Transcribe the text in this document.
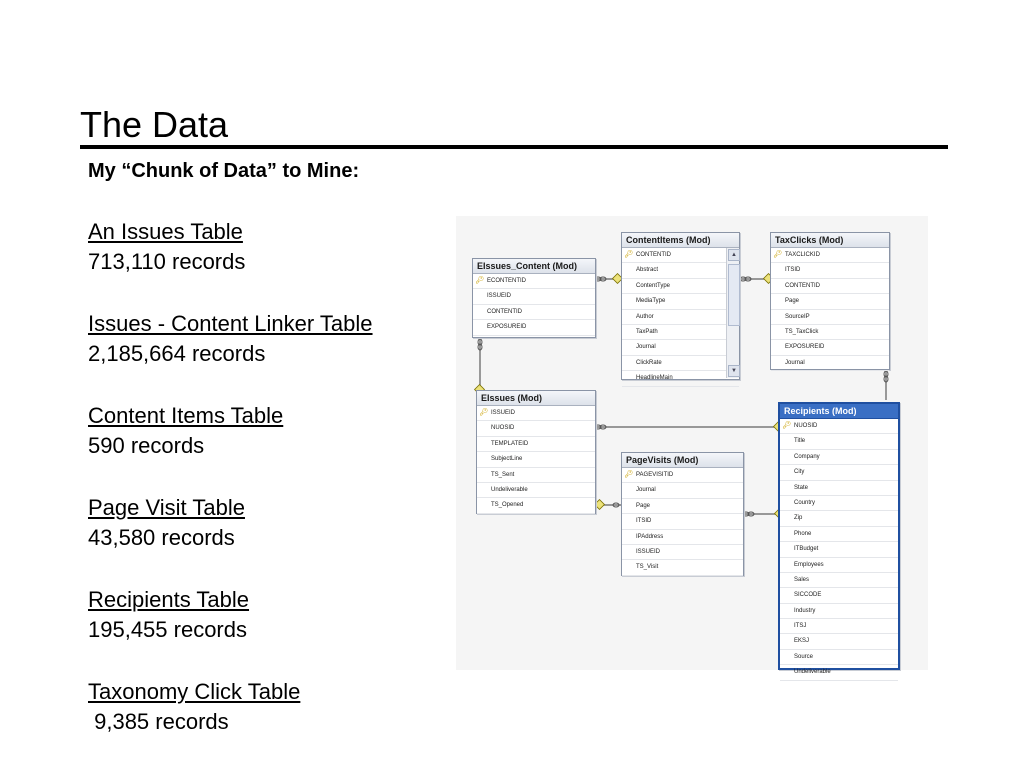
The Data
My “Chunk of Data” to Mine:
An Issues Table
713,110 records
Issues - Content Linker Table
2,185,664 records
Content Items Table
590 records
Page Visit Table
43,580 records
Recipients Table
195,455 records
Taxonomy Click Table
9,385 records
EIssues_Content (Mod)
🔑︎ ECONTENTID
ISSUEID
CONTENTID
EXPOSUREID
ContentItems (Mod)
🔑︎ CONTENTID
Abstract
ContentType
MediaType
Author
TaxPath
Journal
ClickRate
HeadlineMain
▲
▼
TaxClicks (Mod)
🔑︎ TAXCLICKID
ITSID
CONTENTID
Page
SourceIP
TS_TaxClick
EXPOSUREID
Journal
EIssues (Mod)
🔑︎ ISSUEID
NUOSID
TEMPLATEID
SubjectLine
TS_Sent
Undeliverable
TS_Opened
PageVisits (Mod)
🔑︎ PAGEVISITID
Journal
Page
ITSID
IPAddress
ISSUEID
TS_Visit
Recipients (Mod)
🔑︎ NUOSID
Title
Company
City
State
Country
Zip
Phone
ITBudget
Employees
Sales
SICCODE
Industry
ITSJ
EKSJ
Source
Undeliverable
